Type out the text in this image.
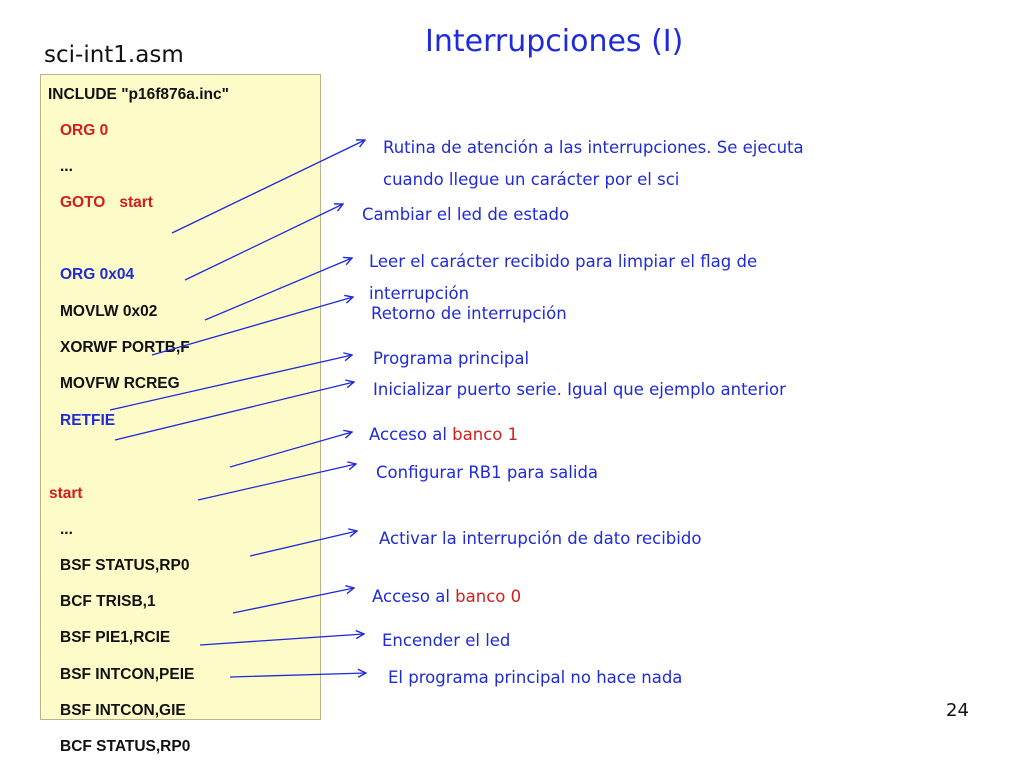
Interrupciones (I)
sci-int1.asm
INCLUDE "p16f876a.inc"
ORG 0
...
GOTO start
ORG 0x04
MOVLW 0x02
XORWF PORTB,F
MOVFW RCREG
RETFIE
start
...
BSF STATUS,RP0
BCF TRISB,1
BSF PIE1,RCIE
BSF INTCON,PEIE
BSF INTCON,GIE
BCF STATUS,RP0
Rutina de atención a las interrupciones. Se ejecuta
cuando llegue un carácter por el sci
Cambiar el led de estado
Leer el carácter recibido para limpiar el flag de
interrupción
Retorno de interrupción
Programa principal
Inicializar puerto serie. Igual que ejemplo anterior
Acceso al banco 1
Configurar RB1 para salida
Activar la interrupción de dato recibido
Acceso al banco 0
Encender el led
El programa principal no hace nada
24
